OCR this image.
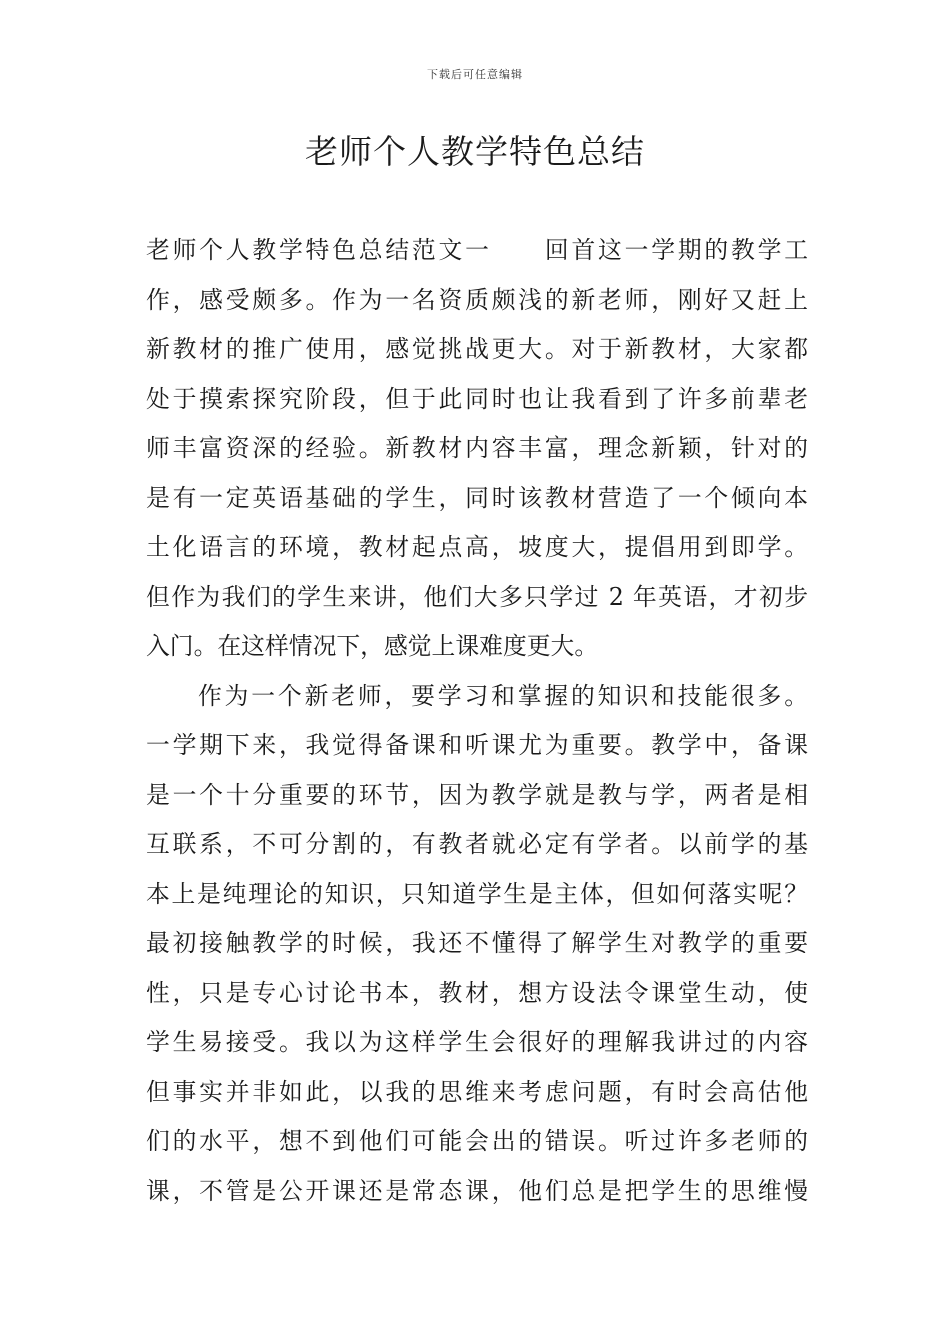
下载后可任意编辑
老师个人教学特色总结
老师个人教学特色总结范文一　　回首这一学期的教学工
作，感受颇多。作为一名资质颇浅的新老师，刚好又赶上
新教材的推广使用，感觉挑战更大。对于新教材，大家都
处于摸索探究阶段，但于此同时也让我看到了许多前辈老
师丰富资深的经验。新教材内容丰富，理念新颖，针对的
是有一定英语基础的学生，同时该教材营造了一个倾向本
土化语言的环境，教材起点高，坡度大，提倡用到即学。
但作为我们的学生来讲，他们大多只学过 2 年英语，才初步
入门。在这样情况下，感觉上课难度更大。
作为一个新老师，要学习和掌握的知识和技能很多。
一学期下来，我觉得备课和听课尤为重要。教学中，备课
是一个十分重要的环节，因为教学就是教与学，两者是相
互联系，不可分割的，有教者就必定有学者。以前学的基
本上是纯理论的知识，只知道学生是主体，但如何落实呢？
最初接触教学的时候，我还不懂得了解学生对教学的重要
性，只是专心讨论书本，教材，想方设法令课堂生动，使
学生易接受。我以为这样学生会很好的理解我讲过的内容
但事实并非如此，以我的思维来考虑问题，有时会高估他
们的水平，想不到他们可能会出的错误。听过许多老师的
课，不管是公开课还是常态课，他们总是把学生的思维慢
